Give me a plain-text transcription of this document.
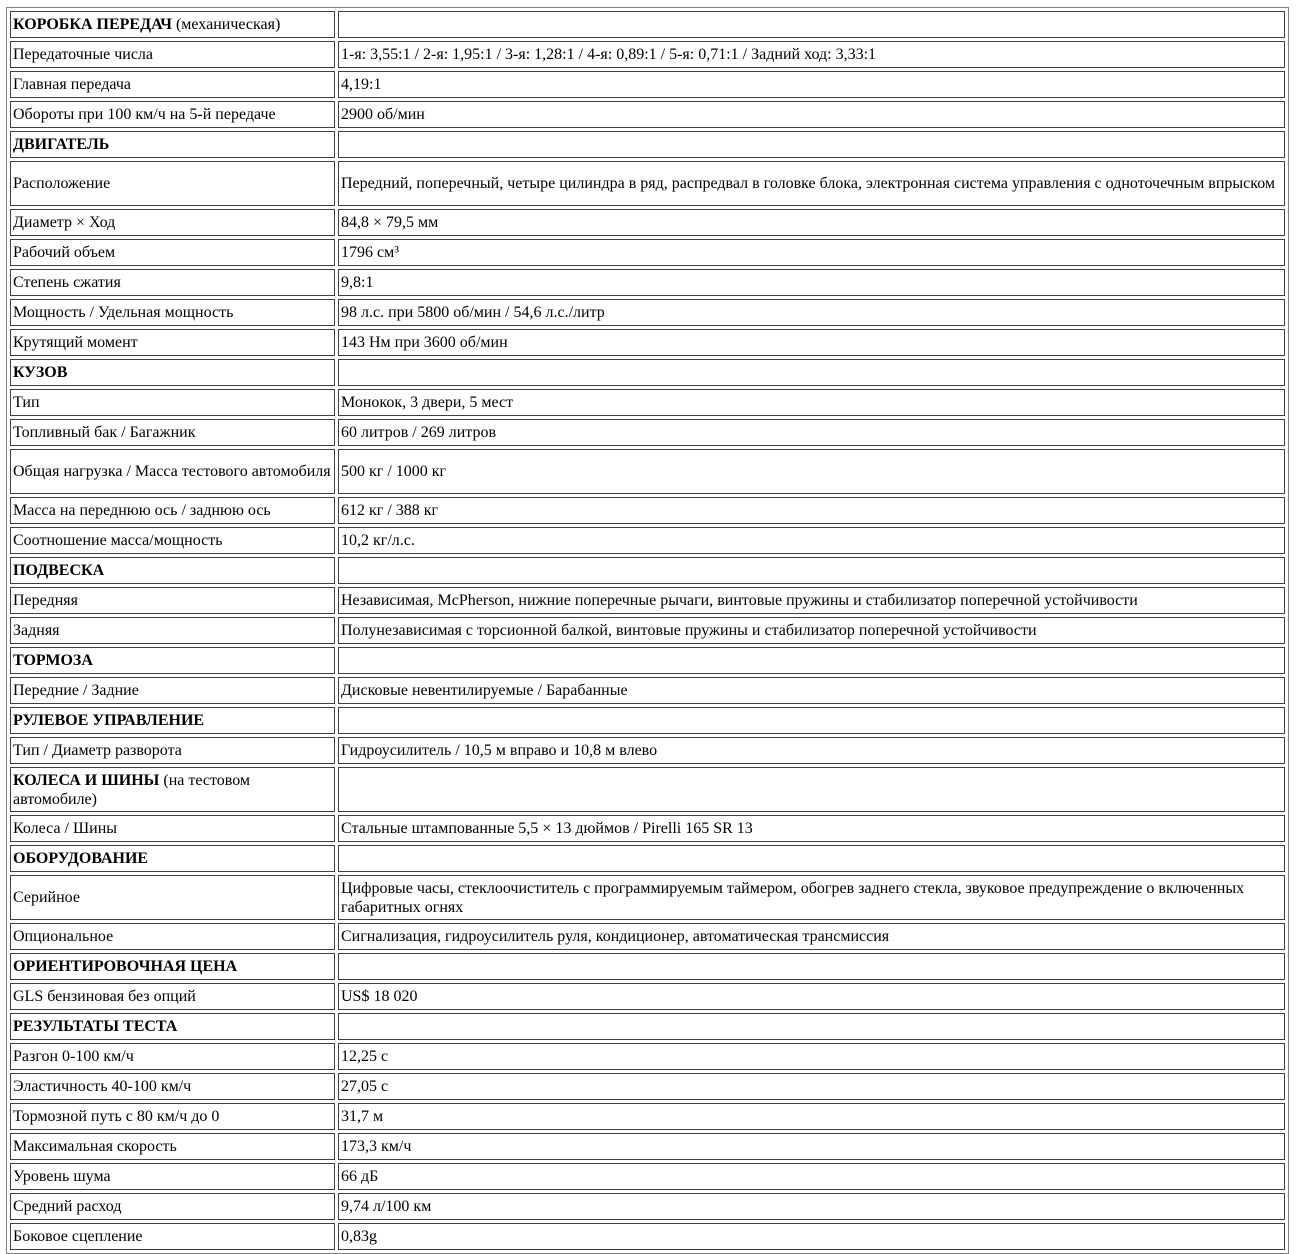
КОРОБКА ПЕРЕДАЧ (механическая)	
Передаточные числа	1-я: 3,55:1 / 2-я: 1,95:1 / 3-я: 1,28:1 / 4-я: 0,89:1 / 5-я: 0,71:1 / Задний ход: 3,33:1
Главная передача	4,19:1
Обороты при 100 км/ч на 5-й передаче	2900 об/мин
ДВИГАТЕЛЬ	
Расположение	Передний, поперечный, четыре цилиндра в ряд, распредвал в головке блока, электронная система управления с одноточечным впрыском
Диаметр × Ход	84,8 × 79,5 мм
Рабочий объем	1796 см³
Степень сжатия	9,8:1
Мощность / Удельная мощность	98 л.с. при 5800 об/мин / 54,6 л.с./литр
Крутящий момент	143 Нм при 3600 об/мин
КУЗОВ	
Тип	Монокок, 3 двери, 5 мест
Топливный бак / Багажник	60 литров / 269 литров
Общая нагрузка / Масса тестового автомобиля	500 кг / 1000 кг
Масса на переднюю ось / заднюю ось	612 кг / 388 кг
Соотношение масса/мощность	10,2 кг/л.с.
ПОДВЕСКА	
Передняя	Независимая, McPherson, нижние поперечные рычаги, винтовые пружины и стабилизатор поперечной устойчивости
Задняя	Полунезависимая с торсионной балкой, винтовые пружины и стабилизатор поперечной устойчивости
ТОРМОЗА	
Передние / Задние	Дисковые невентилируемые / Барабанные
РУЛЕВОЕ УПРАВЛЕНИЕ	
Тип / Диаметр разворота	Гидроусилитель / 10,5 м вправо и 10,8 м влево
КОЛЕСА И ШИНЫ (на тестовом автомобиле)	
Колеса / Шины	Стальные штампованные 5,5 × 13 дюймов / Pirelli 165 SR 13
ОБОРУДОВАНИЕ	
Серийное	Цифровые часы, стеклоочиститель с программируемым таймером, обогрев заднего стекла, звуковое предупреждение о включенных габаритных огнях
Опциональное	Сигнализация, гидроусилитель руля, кондиционер, автоматическая трансмиссия
ОРИЕНТИРОВОЧНАЯ ЦЕНА	
GLS бензиновая без опций	US$ 18 020
РЕЗУЛЬТАТЫ ТЕСТА	
Разгон 0-100 км/ч	12,25 с
Эластичность 40-100 км/ч	27,05 с
Тормозной путь с 80 км/ч до 0	31,7 м
Максимальная скорость	173,3 км/ч
Уровень шума	66 дБ
Средний расход	9,74 л/100 км
Боковое сцепление	0,83g
